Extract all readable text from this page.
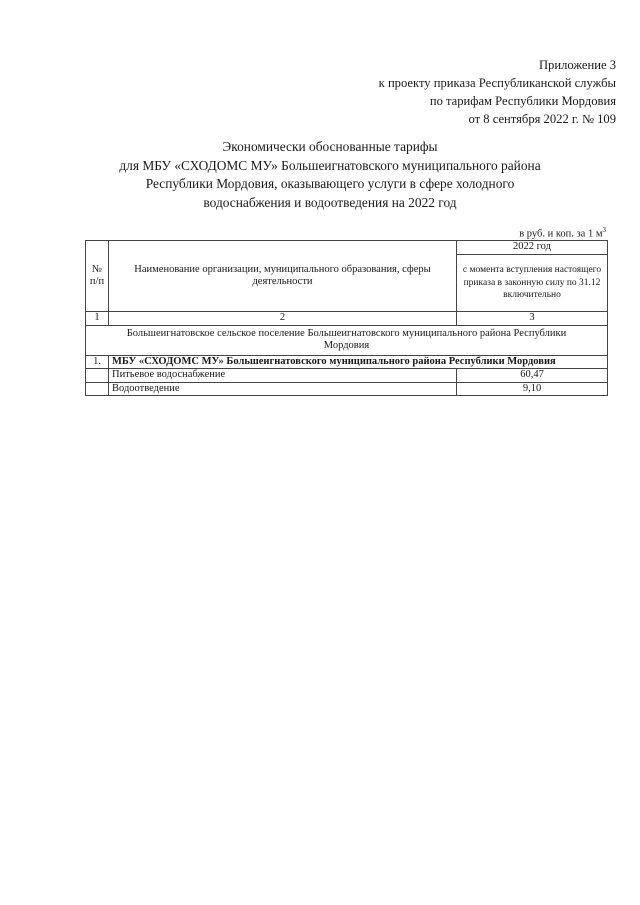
Приложение 3
к проекту приказа Республиканской службы
по тарифам Республики Мордовия
от 8 сентября 2022 г. № 109
Экономически обоснованные тарифы
для МБУ «СХОДОМС МУ» Большеигнатовского муниципального района
Республики Мордовия, оказывающего услуги в сфере холодного
водоснабжения и водоотведения на 2022 год
в руб. и коп. за 1 $м^3$
№ п/п	Наименование организации, муниципального образования, сферы деятельности	2022 год
		с момента вступления настоящего приказа в законную силу по 31.12 включительно
1	2	3
Большеигнатовское сельское поселение Большеигнатовского муниципального района Республики Мордовия		
1.	МБУ «СХОДОМС МУ» Большеигнатовского муниципального района Республики Мордовия	
	Питьевое водоснабжение	60,47
	Водоотведение	9,10
